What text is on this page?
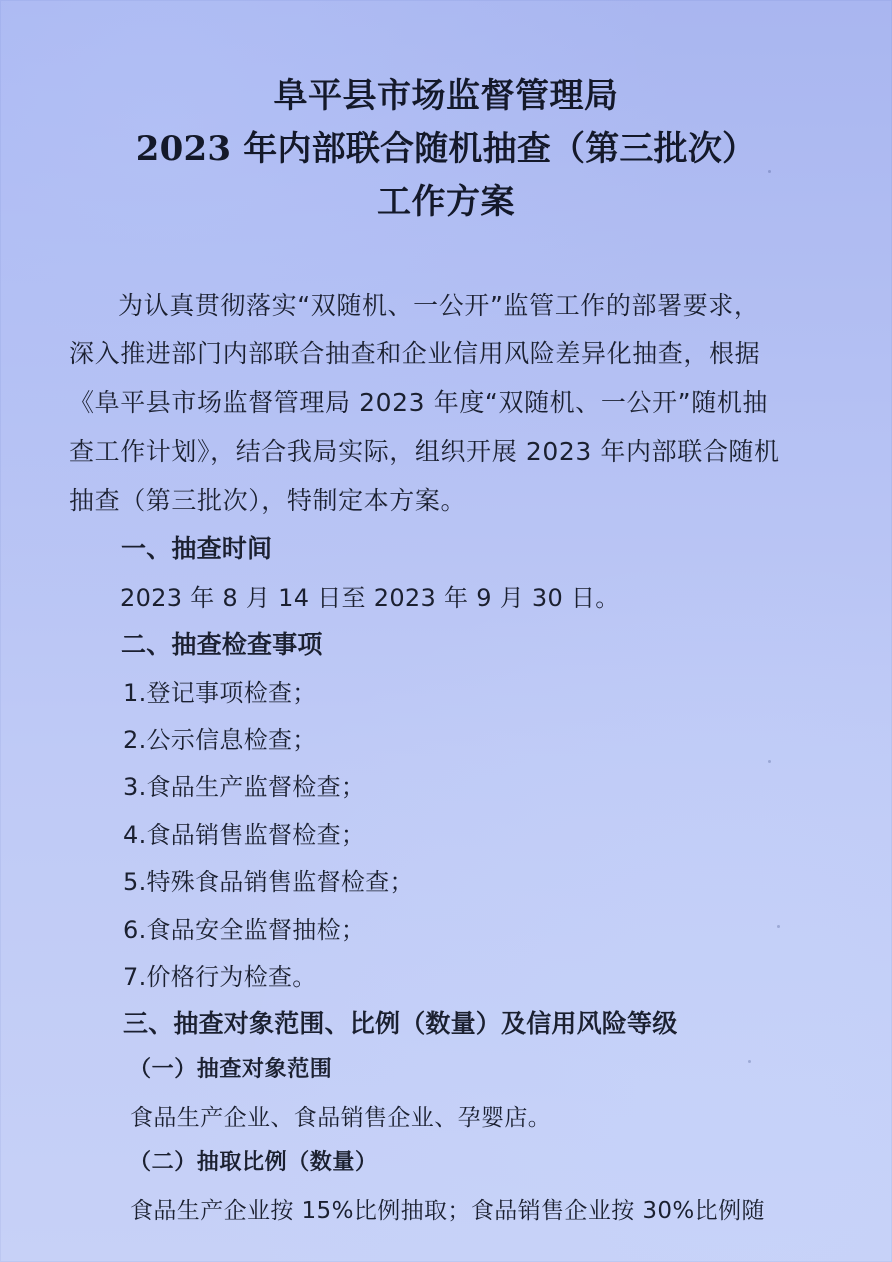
阜平县市场监督管理局
2023 年内部联合随机抽查（第三批次）
工作方案
为认真贯彻落实“双随机、一公开”监管工作的部署要求，
深入推进部门内部联合抽查和企业信用风险差异化抽查，根据
《阜平县市场监督管理局 2023 年度“双随机、一公开”随机抽
查工作计划》，结合我局实际，组织开展 2023 年内部联合随机
抽查（第三批次），特制定本方案。
一、抽查时间
2023 年 8 月 14 日至 2023 年 9 月 30 日。
二、抽查检查事项
1.登记事项检查；
2.公示信息检查；
3.食品生产监督检查；
4.食品销售监督检查；
5.特殊食品销售监督检查；
6.食品安全监督抽检；
7.价格行为检查。
三、抽查对象范围、比例（数量）及信用风险等级
（一）抽查对象范围
食品生产企业、食品销售企业、孕婴店。
（二）抽取比例（数量）
食品生产企业按 15%比例抽取；食品销售企业按 30%比例随
